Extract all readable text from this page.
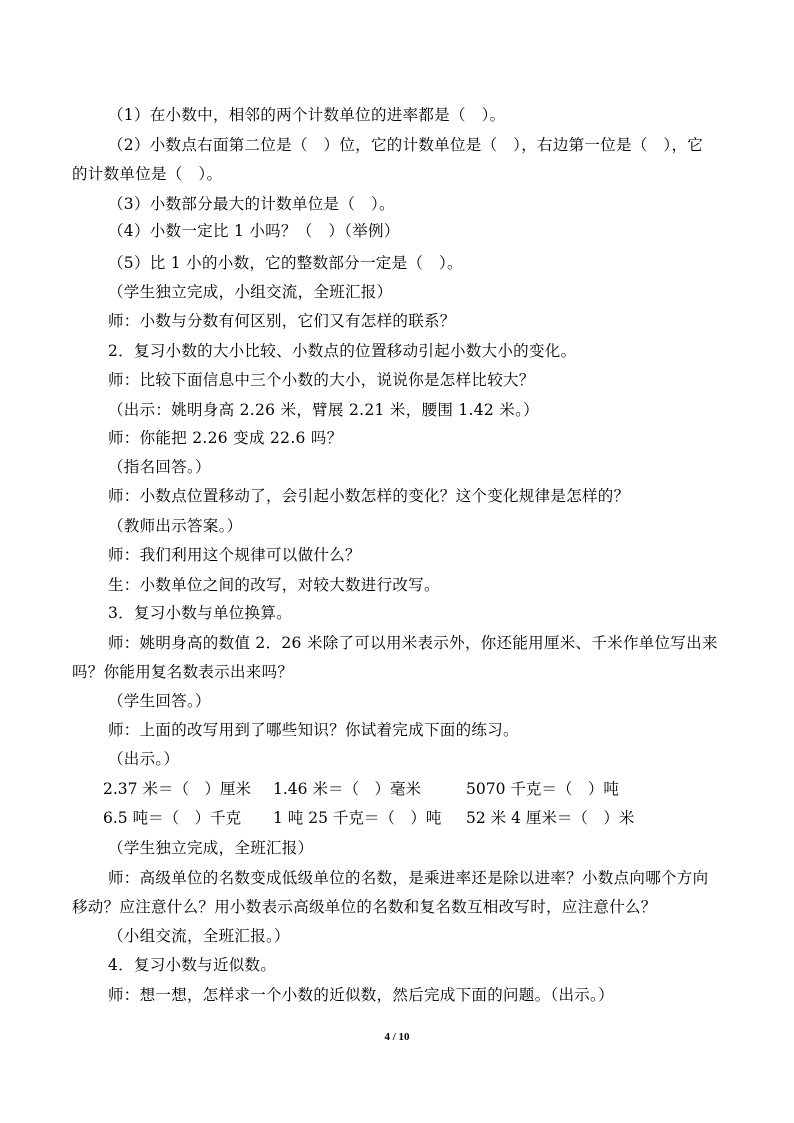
（1）在小数中，相邻的两个计数单位的进率都是（　）。
（2）小数点右面第二位是（　）位，它的计数单位是（　），右边第一位是（　），它
的计数单位是（　）。
（3）小数部分最大的计数单位是（　）。
（4）小数一定比 1 小吗？（　）（举例）
（5）比 1 小的小数，它的整数部分一定是（　）。
（学生独立完成，小组交流，全班汇报）
师：小数与分数有何区别，它们又有怎样的联系？
2．复习小数的大小比较、小数点的位置移动引起小数大小的变化。
师：比较下面信息中三个小数的大小，说说你是怎样比较大？
（出示：姚明身高 2.26 米，臂展 2.21 米，腰围 1.42 米。）
师：你能把 2.26 变成 22.6 吗？
（指名回答。）
师：小数点位置移动了，会引起小数怎样的变化？这个变化规律是怎样的？
（教师出示答案。）
师：我们利用这个规律可以做什么？
生：小数单位之间的改写，对较大数进行改写。
3．复习小数与单位换算。
师：姚明身高的数值 2．26 米除了可以用米表示外，你还能用厘米、千米作单位写出来
吗？你能用复名数表示出来吗？
（学生回答。）
师：上面的改写用到了哪些知识？你试着完成下面的练习。
（出示。）
2.37 米＝（　）厘米 1.46 米＝（　）毫米	5070 千克＝（　）吨
6.5 吨＝（　）千克 1 吨 25 千克＝（　）吨 52 米 4 厘米＝（　）米
（学生独立完成，全班汇报）
师：高级单位的名数变成低级单位的名数，是乘进率还是除以进率？小数点向哪个方向
移动？应注意什么？用小数表示高级单位的名数和复名数互相改写时，应注意什么？
（小组交流，全班汇报。）
4．复习小数与近似数。
师：想一想，怎样求一个小数的近似数，然后完成下面的问题。（出示。）
4 / 10
